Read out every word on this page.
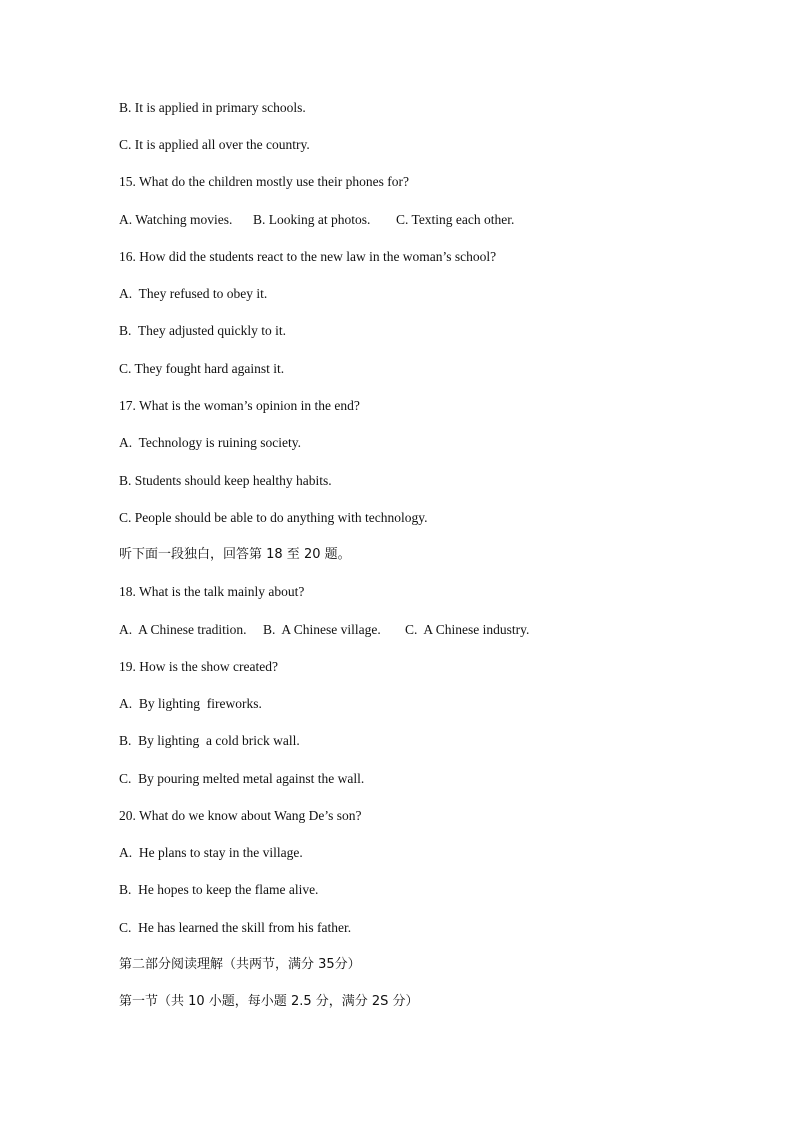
B. It is applied in primary schools.
C. It is applied all over the country.
15. What do the children mostly use their phones for?
A. Watching movies. B. Looking at photos. C. Texting each other.
16. How did the students react to the new law in the woman’s school?
A.  They refused to obey it.
B.  They adjusted quickly to it.
C. They fought hard against it.
17. What is the woman’s opinion in the end?
A.  Technology is ruining society.
B. Students should keep healthy habits.
C. People should be able to do anything with technology.
听下面一段独白，回答第 18 至 20 题。
18. What is the talk mainly about?
A.  A Chinese tradition. B.  A Chinese village. C.  A Chinese industry.
19. How is the show created?
A.  By lighting  fireworks.
B.  By lighting  a cold brick wall.
C.  By pouring melted metal against the wall.
20. What do we know about Wang De’s son?
A.  He plans to stay in the village.
B.  He hopes to keep the flame alive.
C.  He has learned the skill from his father.
第二部分阅读理解（共两节，满分 35分）
第一节（共 10 小题，每小题 2.5 分，满分 2S 分）
